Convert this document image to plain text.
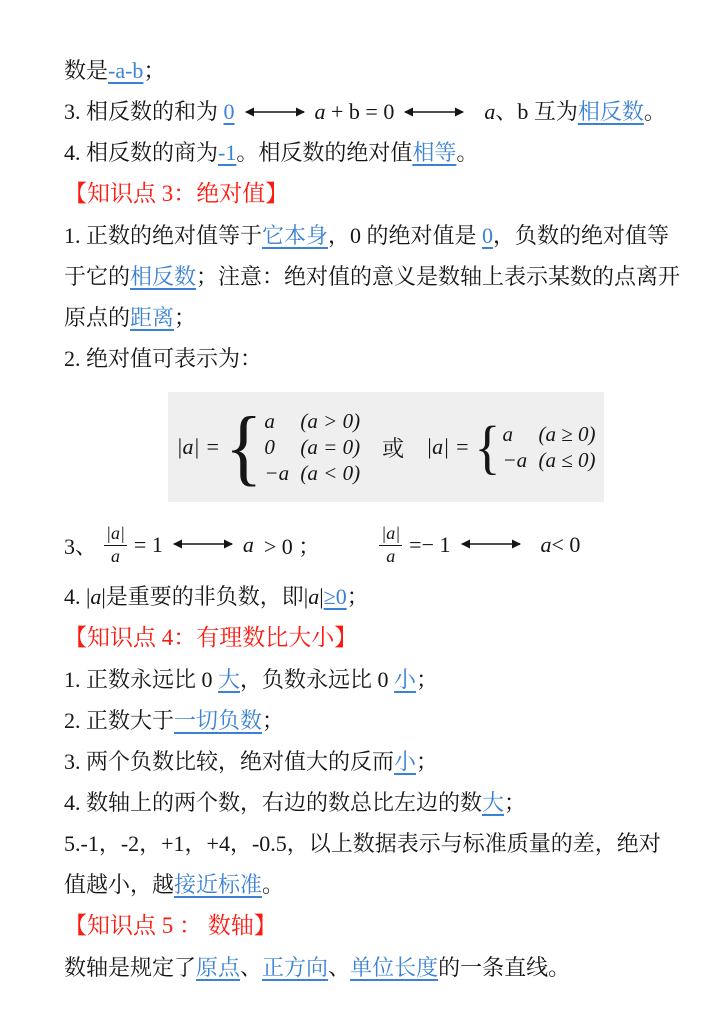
数是-a-b；

3. 相反数的和为 0	a + b = 0	a、b 互为相反数。

4. 相反数的商为-1。相反数的绝对值相等。

【知识点 3：绝对值】

1. 正数的绝对值等于它本身，0 的绝对值是 0，负数的绝对值等

于它的相反数；注意：绝对值的意义是数轴上表示某数的点离开

原点的距离；

2. 绝对值可表示为：

|a| = { a	(a > 0)
0	(a = 0)
−a (a < 0)
或 |a| = { a	(a ≥ 0)
−a (a ≤ 0)

3、 $\frac{|a|}{a} = 1$	a > 0 ；	$\frac{|a|}{a} =- 1$	a < 0

4. |a|是重要的非负数，即|a|≥0；

【知识点 4：有理数比大小】

1. 正数永远比 0 大，负数永远比 0 小；

2. 正数大于一切负数；

3. 两个负数比较，绝对值大的反而小；

4. 数轴上的两个数，右边的数总比左边的数大；

5.-1，-2，+1，+4，-0.5，以上数据表示与标准质量的差，绝对

值越小，越接近标准。

【知识点 5 ： 数轴】

数轴是规定了原点、正方向、单位长度的一条直线。
